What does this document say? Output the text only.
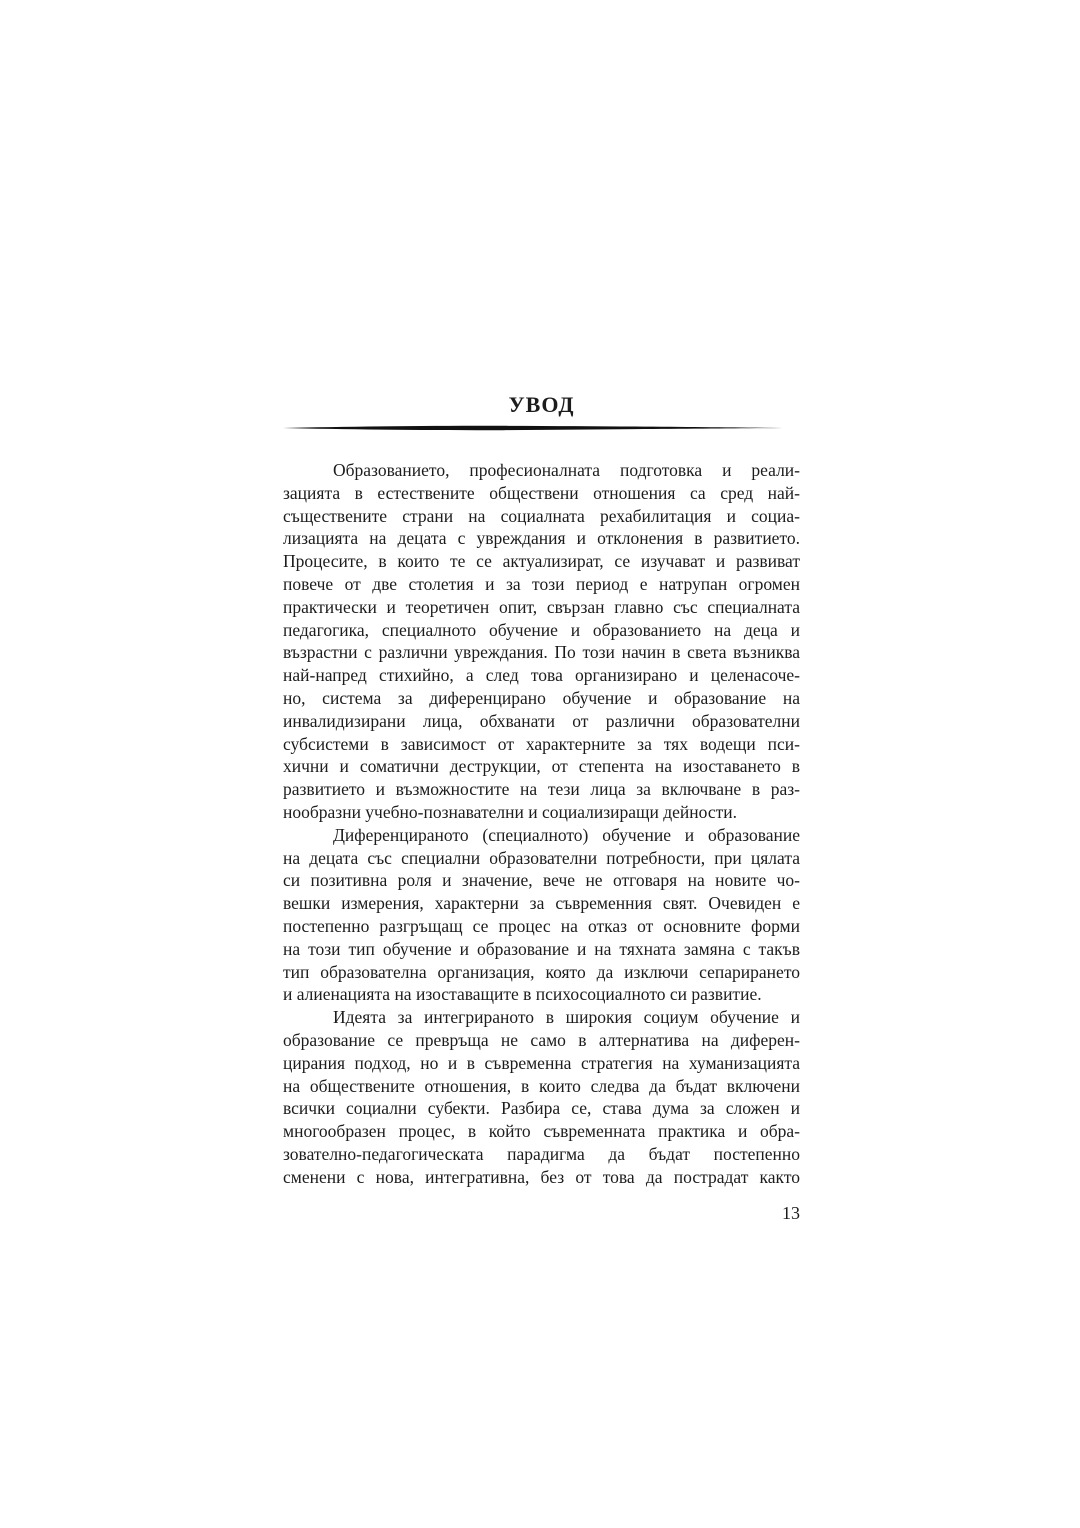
УВОД
Образованието, професионалната подготовка и реали-
зацията в естествените обществени отношения са сред най-
съществените страни на социалната рехабилитация и социа-
лизацията на децата с увреждания и отклонения в развитието.
Процесите, в които те се актуализират, се изучават и развиват
повече от две столетия и за този период е натрупан огромен
практически и теоретичен опит, свързан главно със специалната
педагогика, специалното обучение и образованието на деца и
възрастни с различни увреждания. По този начин в света възниква
най-напред стихийно, а след това организирано и целенасоче-
но, система за диференцирано обучение и образование на
инвалидизирани лица, обхванати от различни образователни
субсистеми в зависимост от характерните за тях водещи пси-
хични и соматични деструкции, от степента на изоставането в
развитието и възможностите на тези лица за включване в раз-
нообразни учебно-познавателни и социализиращи дейности.
Диференцираното (специалното) обучение и образование
на децата със специални образователни потребности, при цялата
си позитивна роля и значение, вече не отговаря на новите чо-
вешки измерения, характерни за съвременния свят. Очевиден е
постепенно разгръщащ се процес на отказ от основните форми
на този тип обучение и образование и на тяхната замяна с такъв
тип образователна организация, която да изключи сепарирането
и алиенацията на изоставащите в психосоциалното си развитие.
Идеята за интегрираното в широкия социум обучение и
образование се превръща не само в алтернатива на диферен-
цирания подход, но и в съвременна стратегия на хуманизацията
на обществените отношения, в които следва да бъдат включени
всички социални субекти. Разбира се, става дума за сложен и
многообразен процес, в който съвременната практика и обра-
зователно-педагогическата парадигма да бъдат постепенно
сменени с нова, интегративна, без от това да пострадат както
13
